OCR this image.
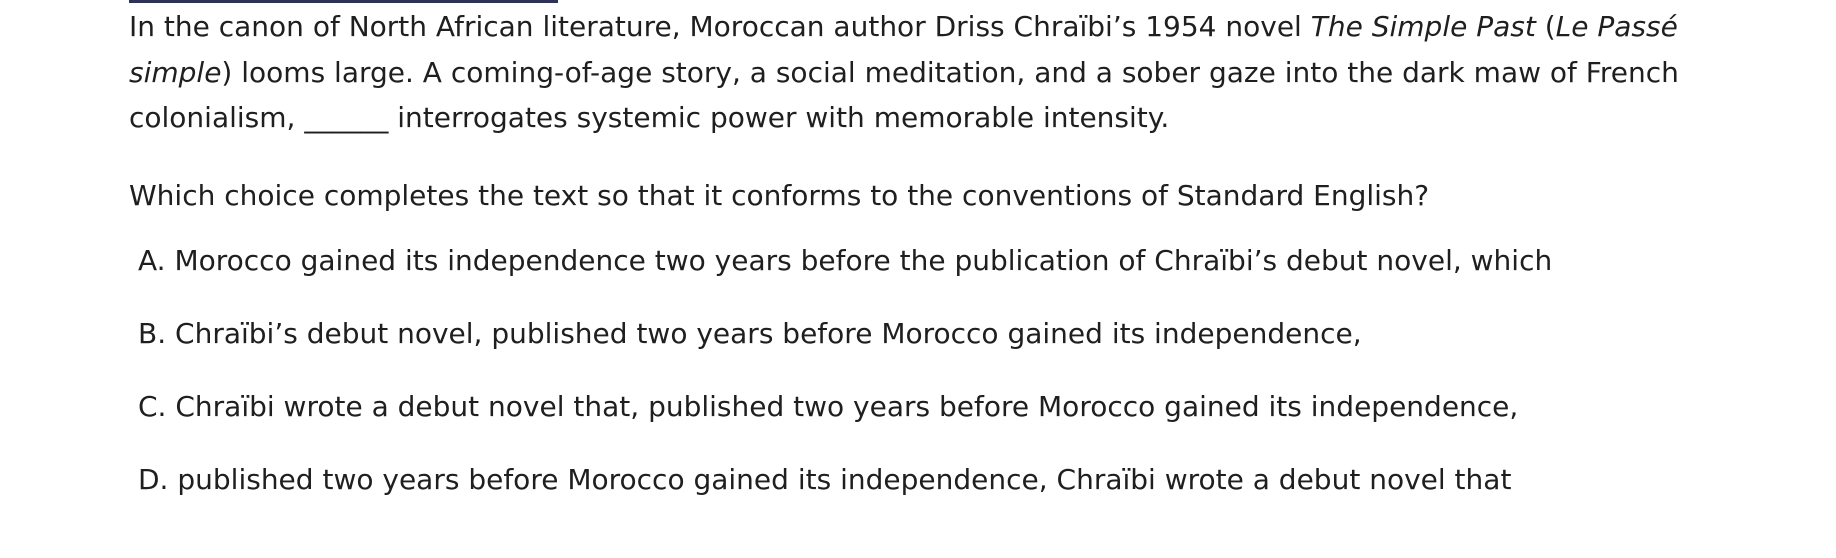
In the canon of North African literature, Moroccan author Driss Chraïbi’s 1954 novel The Simple Past (Le Passé simple) looms large. A coming-of-age story, a social meditation, and a sober gaze into the dark maw of French colonialism, ______ interrogates systemic power with memorable intensity.

Which choice completes the text so that it conforms to the conventions of Standard English?

A. Morocco gained its independence two years before the publication of Chraïbi’s debut novel, which
B. Chraïbi’s debut novel, published two years before Morocco gained its independence,
C. Chraïbi wrote a debut novel that, published two years before Morocco gained its independence,
D. published two years before Morocco gained its independence, Chraïbi wrote a debut novel that
